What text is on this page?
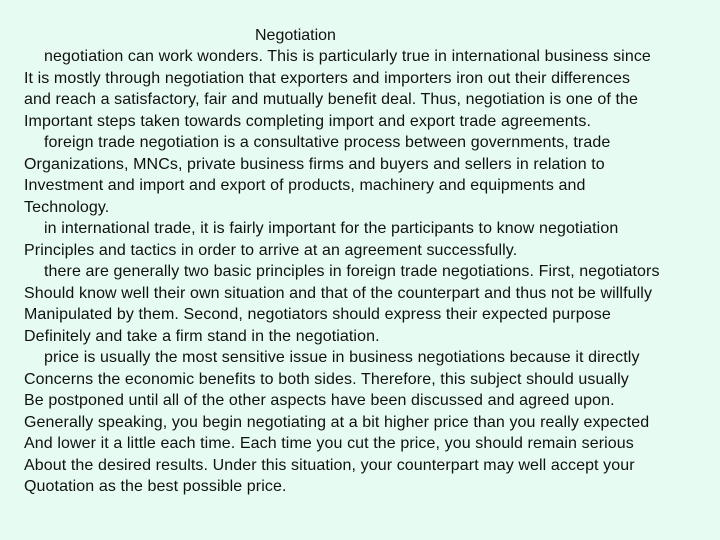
Negotiation
negotiation can work wonders. This is particularly true in international business since
It is mostly through negotiation that exporters and importers iron out their differences
and reach a satisfactory, fair and mutually benefit deal. Thus, negotiation is one of the
Important steps taken towards completing import and export trade agreements.
foreign trade negotiation is a consultative process between governments, trade
Organizations, MNCs, private business firms and buyers and sellers in relation to
Investment and import and export of products, machinery and equipments and
Technology.
in international trade, it is fairly important for the participants to know negotiation
Principles and tactics in order to arrive at an agreement successfully.
there are generally two basic principles in foreign trade negotiations. First, negotiators
Should know well their own situation and that of the counterpart and thus not be willfully
Manipulated by them. Second, negotiators should express their expected purpose
Definitely and take a firm stand in the negotiation.
price is usually the most sensitive issue in business negotiations because it directly
Concerns the economic benefits to both sides. Therefore, this subject should usually
Be postponed until all of the other aspects have been discussed and agreed upon.
Generally speaking, you begin negotiating at a bit higher price than you really expected
And lower it a little each time. Each time you cut the price, you should remain serious
About the desired results. Under this situation, your counterpart may well accept your
Quotation as the best possible price.
